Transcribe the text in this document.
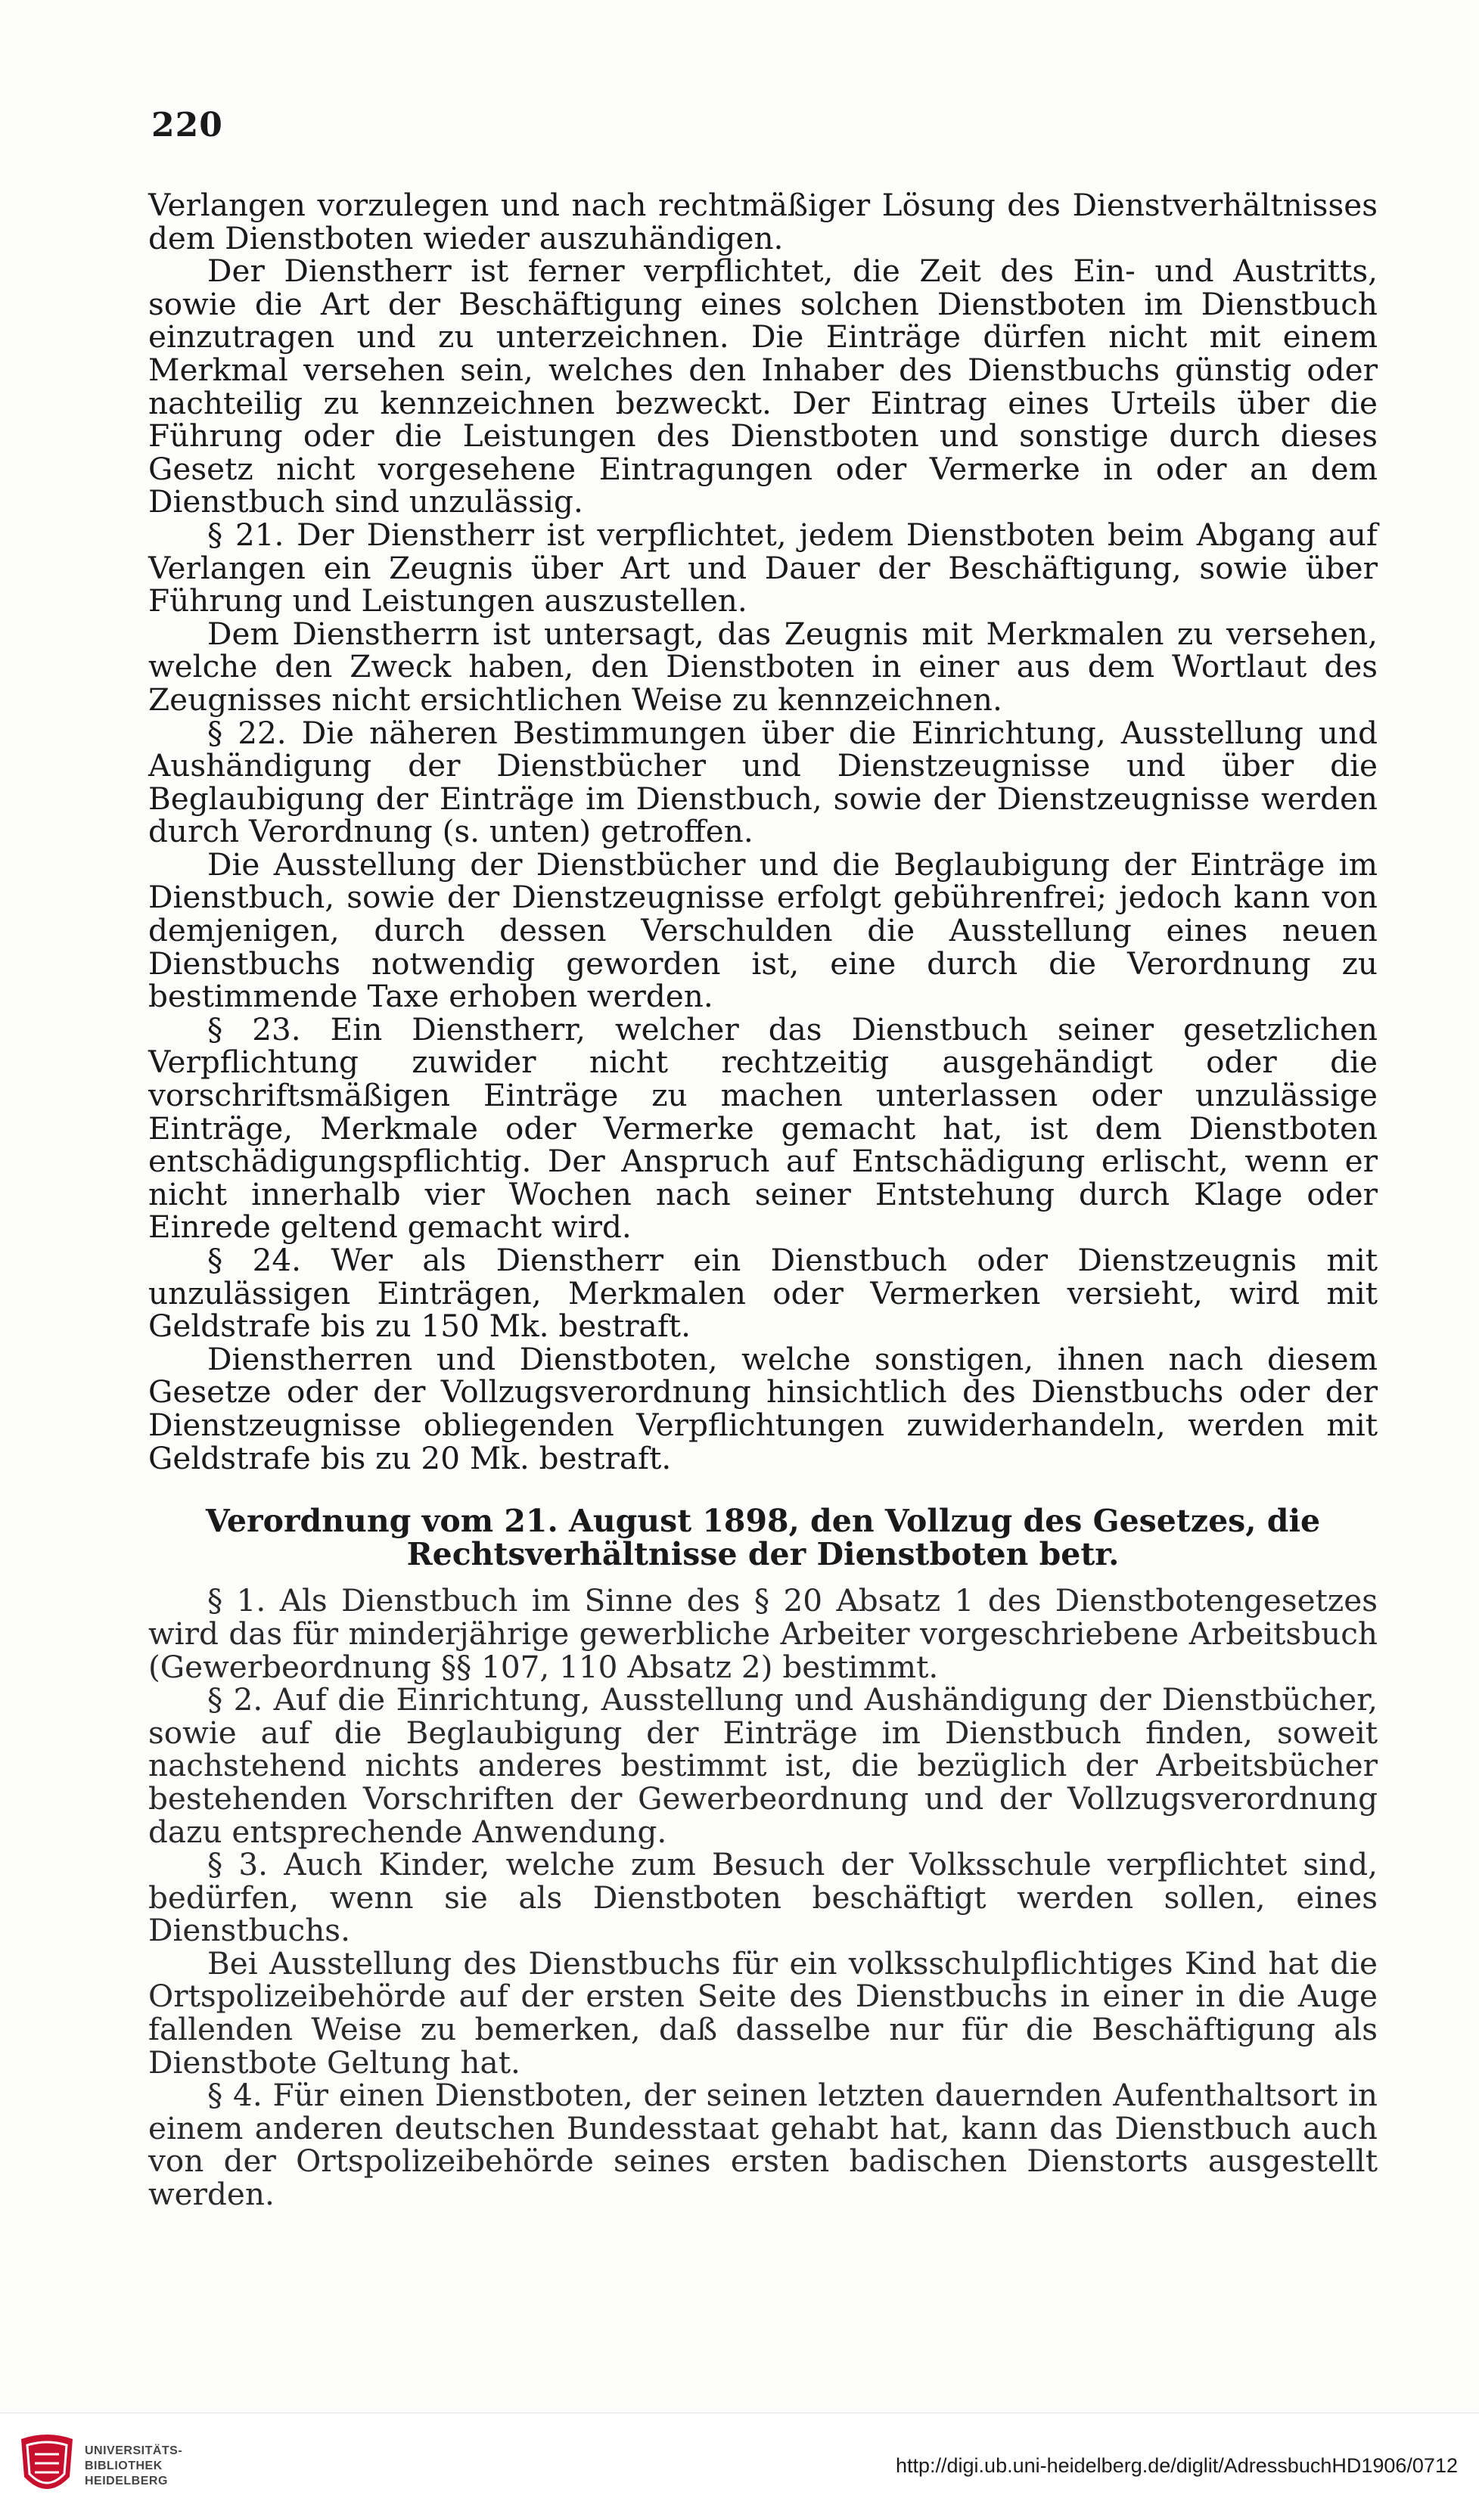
220

Verlangen vorzulegen und nach rechtmäßiger Lösung des Dienstverhältnisses dem Dienstboten wieder auszuhändigen.

Der Dienstherr ist ferner verpflichtet, die Zeit des Ein- und Austritts, sowie die Art der Beschäftigung eines solchen Dienstboten im Dienstbuch einzutragen und zu unterzeichnen. Die Einträge dürfen nicht mit einem Merkmal versehen sein, welches den Inhaber des Dienstbuchs günstig oder nachteilig zu kennzeichnen bezweckt. Der Eintrag eines Urteils über die Führung oder die Leistungen des Dienstboten und sonstige durch dieses Gesetz nicht vorgesehene Eintragungen oder Vermerke in oder an dem Dienstbuch sind unzulässig.

§ 21. Der Dienstherr ist verpflichtet, jedem Dienstboten beim Abgang auf Verlangen ein Zeugnis über Art und Dauer der Beschäftigung, sowie über Führung und Leistungen auszustellen.

Dem Dienstherrn ist untersagt, das Zeugnis mit Merkmalen zu versehen, welche den Zweck haben, den Dienstboten in einer aus dem Wortlaut des Zeugnisses nicht ersichtlichen Weise zu kennzeichnen.

§ 22. Die näheren Bestimmungen über die Einrichtung, Ausstellung und Aushändigung der Dienstbücher und Dienstzeugnisse und über die Beglaubigung der Einträge im Dienstbuch, sowie der Dienstzeugnisse werden durch Verordnung (s. unten) getroffen.

Die Ausstellung der Dienstbücher und die Beglaubigung der Einträge im Dienstbuch, sowie der Dienstzeugnisse erfolgt gebührenfrei; jedoch kann von demjenigen, durch dessen Verschulden die Ausstellung eines neuen Dienstbuchs notwendig geworden ist, eine durch die Verordnung zu bestimmende Taxe erhoben werden.

§ 23. Ein Dienstherr, welcher das Dienstbuch seiner gesetzlichen Verpflichtung zuwider nicht rechtzeitig ausgehändigt oder die vorschriftsmäßigen Einträge zu machen unterlassen oder unzulässige Einträge, Merkmale oder Vermerke gemacht hat, ist dem Dienstboten entschädigungspflichtig. Der Anspruch auf Entschädigung erlischt, wenn er nicht innerhalb vier Wochen nach seiner Entstehung durch Klage oder Einrede geltend gemacht wird.

§ 24. Wer als Dienstherr ein Dienstbuch oder Dienstzeugnis mit unzulässigen Einträgen, Merkmalen oder Vermerken versieht, wird mit Geldstrafe bis zu 150 Mk. bestraft.

Dienstherren und Dienstboten, welche sonstigen, ihnen nach diesem Gesetze oder der Vollzugsverordnung hinsichtlich des Dienstbuchs oder der Dienstzeugnisse obliegenden Verpflichtungen zuwiderhandeln, werden mit Geldstrafe bis zu 20 Mk. bestraft.

Verordnung vom 21. August 1898, den Vollzug des Gesetzes, die Rechtsverhältnisse der Dienstboten betr.

§ 1. Als Dienstbuch im Sinne des § 20 Absatz 1 des Dienstbotengesetzes wird das für minderjährige gewerbliche Arbeiter vorgeschriebene Arbeitsbuch (Gewerbeordnung §§ 107, 110 Absatz 2) bestimmt.

§ 2. Auf die Einrichtung, Ausstellung und Aushändigung der Dienstbücher, sowie auf die Beglaubigung der Einträge im Dienstbuch finden, soweit nachstehend nichts anderes bestimmt ist, die bezüglich der Arbeitsbücher bestehenden Vorschriften der Gewerbeordnung und der Vollzugsverordnung dazu entsprechende Anwendung.

§ 3. Auch Kinder, welche zum Besuch der Volksschule verpflichtet sind, bedürfen, wenn sie als Dienstboten beschäftigt werden sollen, eines Dienstbuchs.

Bei Ausstellung des Dienstbuchs für ein volksschulpflichtiges Kind hat die Ortspolizeibehörde auf der ersten Seite des Dienstbuchs in einer in die Auge fallenden Weise zu bemerken, daß dasselbe nur für die Beschäftigung als Dienstbote Geltung hat.

§ 4. Für einen Dienstboten, der seinen letzten dauernden Aufenthaltsort in einem anderen deutschen Bundesstaat gehabt hat, kann das Dienstbuch auch von der Ortspolizeibehörde seines ersten badischen Dienstorts ausgestellt werden.

UNIVERSITÄTS-
BIBLIOTHEK
HEIDELBERG
http://digi.ub.uni-heidelberg.de/diglit/AdressbuchHD1906/0712
